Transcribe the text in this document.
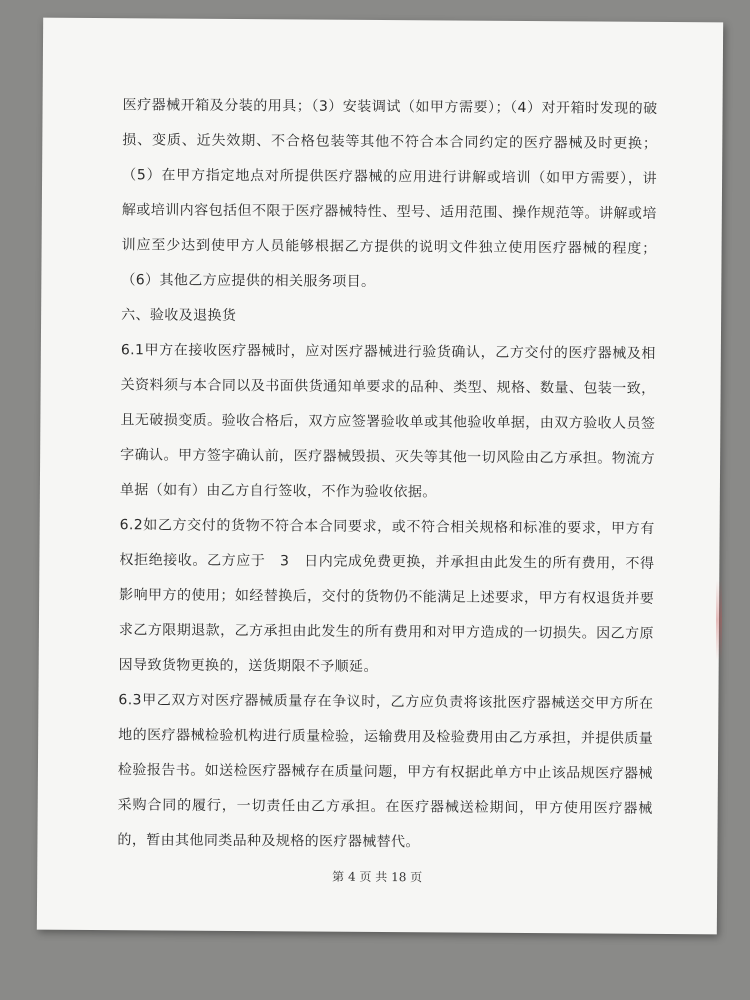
医疗器械开箱及分装的用具；（3）安装调试（如甲方需要）；（4）对开箱时发现的破损、变质、近失效期、不合格包装等其他不符合本合同约定的医疗器械及时更换；（5）在甲方指定地点对所提供医疗器械的应用进行讲解或培训（如甲方需要），讲解或培训内容包括但不限于医疗器械特性、型号、适用范围、操作规范等。讲解或培训应至少达到使甲方人员能够根据乙方提供的说明文件独立使用医疗器械的程度；（6）其他乙方应提供的相关服务项目。

六、验收及退换货

6.1甲方在接收医疗器械时，应对医疗器械进行验货确认，乙方交付的医疗器械及相关资料须与本合同以及书面供货通知单要求的品种、类型、规格、数量、包装一致，且无破损变质。验收合格后，双方应签署验收单或其他验收单据，由双方验收人员签字确认。甲方签字确认前，医疗器械毁损、灭失等其他一切风险由乙方承担。物流方单据（如有）由乙方自行签收，不作为验收依据。

6.2如乙方交付的货物不符合本合同要求，或不符合相关规格和标准的要求，甲方有权拒绝接收。乙方应于　3　日内完成免费更换，并承担由此发生的所有费用，不得影响甲方的使用；如经替换后，交付的货物仍不能满足上述要求，甲方有权退货并要求乙方限期退款，乙方承担由此发生的所有费用和对甲方造成的一切损失。因乙方原因导致货物更换的，送货期限不予顺延。

6.3甲乙双方对医疗器械质量存在争议时，乙方应负责将该批医疗器械送交甲方所在地的医疗器械检验机构进行质量检验，运输费用及检验费用由乙方承担，并提供质量检验报告书。如送检医疗器械存在质量问题，甲方有权据此单方中止该品规医疗器械采购合同的履行，一切责任由乙方承担。在医疗器械送检期间，甲方使用医疗器械的，暂由其他同类品种及规格的医疗器械替代。

第 4 页 共 18 页
